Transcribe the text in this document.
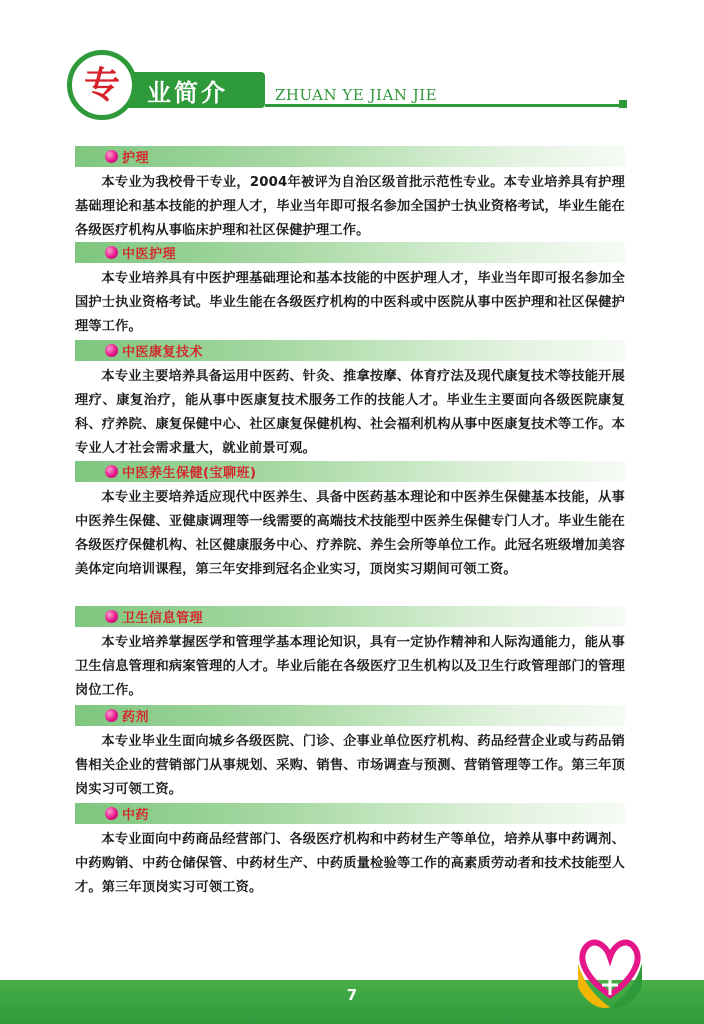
业简介
专	ZHUAN YE JIAN JIE
护理

本专业为我校骨干专业，2004年被评为自治区级首批示范性专业。本专业培养具有护理基础理论和基本技能的护理人才，毕业当年即可报名参加全国护士执业资格考试，毕业生能在各级医疗机构从事临床护理和社区保健护理工作。

中医护理

本专业培养具有中医护理基础理论和基本技能的中医护理人才，毕业当年即可报名参加全国护士执业资格考试。毕业生能在各级医疗机构的中医科或中医院从事中医护理和社区保健护理等工作。

中医康复技术

本专业主要培养具备运用中医药、针灸、推拿按摩、体育疗法及现代康复技术等技能开展理疗、康复治疗，能从事中医康复技术服务工作的技能人才。毕业生主要面向各级医院康复科、疗养院、康复保健中心、社区康复保健机构、社会福利机构从事中医康复技术等工作。本专业人才社会需求量大，就业前景可观。

中医养生保健(宝聊班)

本专业主要培养适应现代中医养生、具备中医药基本理论和中医养生保健基本技能，从事中医养生保健、亚健康调理等一线需要的高端技术技能型中医养生保健专门人才。毕业生能在各级医疗保健机构、社区健康服务中心、疗养院、养生会所等单位工作。此冠名班级增加美容美体定向培训课程，第三年安排到冠名企业实习，顶岗实习期间可领工资。

卫生信息管理

本专业培养掌握医学和管理学基本理论知识，具有一定协作精神和人际沟通能力，能从事卫生信息管理和病案管理的人才。毕业后能在各级医疗卫生机构以及卫生行政管理部门的管理岗位工作。

药剂

本专业毕业生面向城乡各级医院、门诊、企事业单位医疗机构、药品经营企业或与药品销售相关企业的营销部门从事规划、采购、销售、市场调查与预测、营销管理等工作。第三年顶岗实习可领工资。

中药

本专业面向中药商品经营部门、各级医疗机构和中药材生产等单位，培养从事中药调剂、中药购销、中药仓储保管、中药材生产、中药质量检验等工作的高素质劳动者和技术技能型人才。第三年顶岗实习可领工资。

7
